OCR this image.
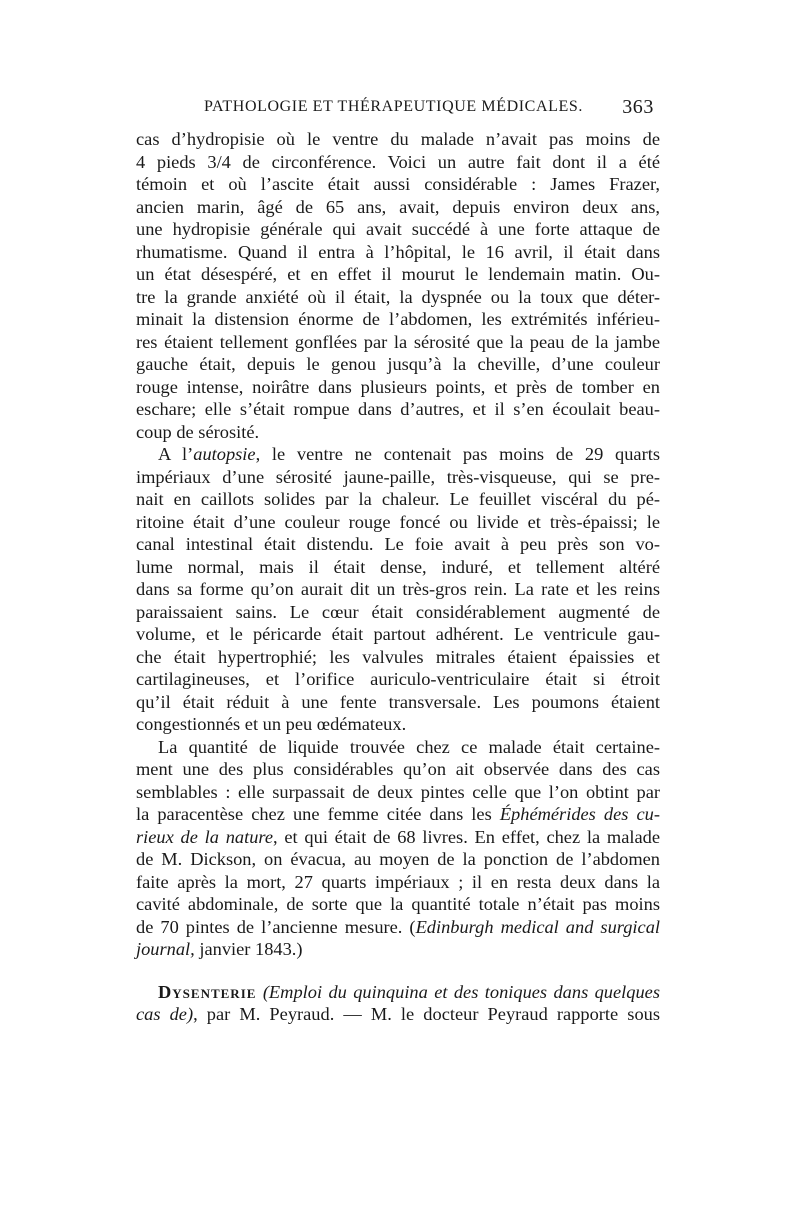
PATHOLOGIE ET THÉRAPEUTIQUE MÉDICALES. 363
cas d’hydropisie où le ventre du malade n’avait pas moins de
4 pieds 3/4 de circonférence. Voici un autre fait dont il a été
témoin et où l’ascite était aussi considérable : James Frazer,
ancien marin, âgé de 65 ans, avait, depuis environ deux ans,
une hydropisie générale qui avait succédé à une forte attaque de
rhumatisme. Quand il entra à l’hôpital, le 16 avril, il était dans
un état désespéré, et en effet il mourut le lendemain matin. Ou-
tre la grande anxiété où il était, la dyspnée ou la toux que déter-
minait la distension énorme de l’abdomen, les extrémités inférieu-
res étaient tellement gonflées par la sérosité que la peau de la jambe
gauche était, depuis le genou jusqu’à la cheville, d’une couleur
rouge intense, noirâtre dans plusieurs points, et près de tomber en
eschare; elle s’était rompue dans d’autres, et il s’en écoulait beau-
coup de sérosité.
A l’autopsie, le ventre ne contenait pas moins de 29 quarts
impériaux d’une sérosité jaune-paille, très-visqueuse, qui se pre-
nait en caillots solides par la chaleur. Le feuillet viscéral du pé-
ritoine était d’une couleur rouge foncé ou livide et très-épaissi; le
canal intestinal était distendu. Le foie avait à peu près son vo-
lume normal, mais il était dense, induré, et tellement altéré
dans sa forme qu’on aurait dit un très-gros rein. La rate et les reins
paraissaient sains. Le cœur était considérablement augmenté de
volume, et le péricarde était partout adhérent. Le ventricule gau-
che était hypertrophié; les valvules mitrales étaient épaissies et
cartilagineuses, et l’orifice auriculo-ventriculaire était si étroit
qu’il était réduit à une fente transversale. Les poumons étaient
congestionnés et un peu œdémateux.
La quantité de liquide trouvée chez ce malade était certaine-
ment une des plus considérables qu’on ait observée dans des cas
semblables : elle surpassait de deux pintes celle que l’on obtint par
la paracentèse chez une femme citée dans les Éphémérides des cu-
rieux de la nature, et qui était de 68 livres. En effet, chez la malade
de M. Dickson, on évacua, au moyen de la ponction de l’abdomen
faite après la mort, 27 quarts impériaux ; il en resta deux dans la
cavité abdominale, de sorte que la quantité totale n’était pas moins
de 70 pintes de l’ancienne mesure. (Edinburgh medical and surgical
journal, janvier 1843.)
Dysenterie (Emploi du quinquina et des toniques dans quelques
cas de), par M. Peyraud. — M. le docteur Peyraud rapporte sous
